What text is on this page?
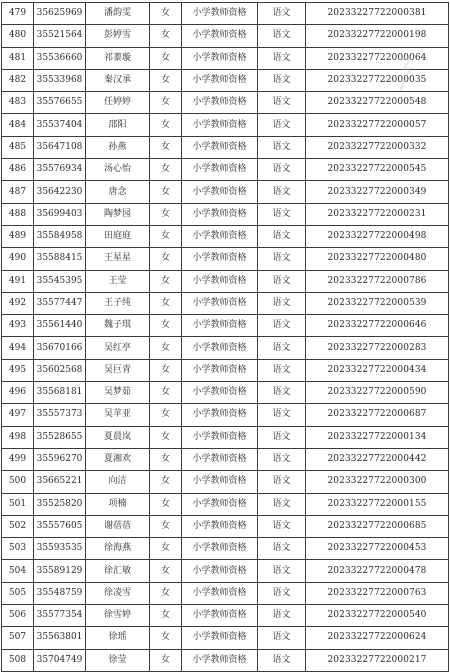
479	35625969	潘韵雯	女	小学教师资格	语文	20233227722000381
480	35521564	彭婷雪	女	小学教师资格	语文	20233227722000198
481	35536660	祁蓁璇	女	小学教师资格	语文	20233227722000064
482	35533968	秦汉承	女	小学教师资格	语文	20233227722000035
483	35576655	任婷婷	女	小学教师资格	语文	20233227722000548
484	35537404	邵阳	女	小学教师资格	语文	20233227722000057
485	35647108	孙燕	女	小学教师资格	语文	20233227722000332
486	35576934	汤心怡	女	小学教师资格	语文	20233227722000545
487	35642230	唐念	女	小学教师资格	语文	20233227722000349
488	35699403	陶梦园	女	小学教师资格	语文	20233227722000231
489	35584958	田庭庭	女	小学教师资格	语文	20233227722000498
490	35588415	王星星	女	小学教师资格	语文	20233227722000480
491	35545395	王莹	女	小学教师资格	语文	20233227722000786
492	35577447	王子纯	女	小学教师资格	语文	20233227722000539
493	35561440	魏子琪	女	小学教师资格	语文	20233227722000646
494	35670166	吴红亭	女	小学教师资格	语文	20233227722000283
495	35602568	吴巨青	女	小学教师资格	语文	20233227722000434
496	35568181	吴梦茹	女	小学教师资格	语文	20233227722000590
497	35557373	吴苹亚	女	小学教师资格	语文	20233227722000687
498	35528655	夏晨岚	女	小学教师资格	语文	20233227722000134
499	35596270	夏湘欢	女	小学教师资格	语文	20233227722000442
500	35665221	向洁	女	小学教师资格	语文	20233227722000300
501	35525820	项楠	女	小学教师资格	语文	20233227722000155
502	35557605	谢蓓蓓	女	小学教师资格	语文	20233227722000685
503	35593535	徐海燕	女	小学教师资格	语文	20233227722000453
504	35589129	徐汇敏	女	小学教师资格	语文	20233227722000478
505	35548759	徐凌雪	女	小学教师资格	语文	20233227722000763
506	35577354	徐雪婷	女	小学教师资格	语文	20233227722000540
507	35563801	徐瑶	女	小学教师资格	语文	20233227722000624
508	35704749	徐莹	女	小学教师资格	语文	20233227722000217
